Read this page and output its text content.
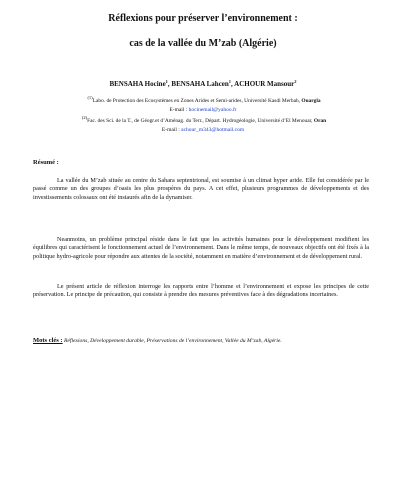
Réflexions pour préserver l’environnement :

cas de la vallée du M’zab (Algérie)

BENSAHA Hocine$^1$, BENSAHA Lahcen$^1$, ACHOUR Mansour$^2$
$^{(1)}$Labo. de Protection des Ecosystèmes en Zones Arides et Semi-arides, Université Kasdi Merbah, Ouargla
E-mail : hocinemail@yahoo.fr
$^{(2)}$Fac. des Sci. de la T., de Géogr.et d’Aménag. du Terr., Départ. Hydrogéologie, Université d’El Menouar, Oran
E-mail : achour_m343@hotmail.com
Résumé :

La vallée du M’zab située au centre du Sahara septentrional, est soumise à un climat hyper aride. Elle fut considérée par le passé comme un des groupes d’oasis les plus prospères du pays. A cet effet, plusieurs programmes de développements et des investissements colossaux ont été instaurés afin de la dynamiser.

Neanmoins, un problème principal réside dans le fait que les activités humaines pour le développement modifient les équilibres qui caractérisent le fonctionnement actuel de l’environnement. Dans le même temps, de nouveaux objectifs ont été fixés à la politique hydro-agricole pour répondre aux attentes de la société, notamment en matière d’environnement et de développement rural.

Le présent article de réflexion interroge les rapports entre l’homme et l’environnement et expose les principes de cette préservation. Le principe de précaution, qui consiste à prendre des mesures préventives face à des dégradations incertaines.

Mots clés : Réflexions, Développement durable, Préservations de l’environnement, Vallée du M’zab, Algérie.
